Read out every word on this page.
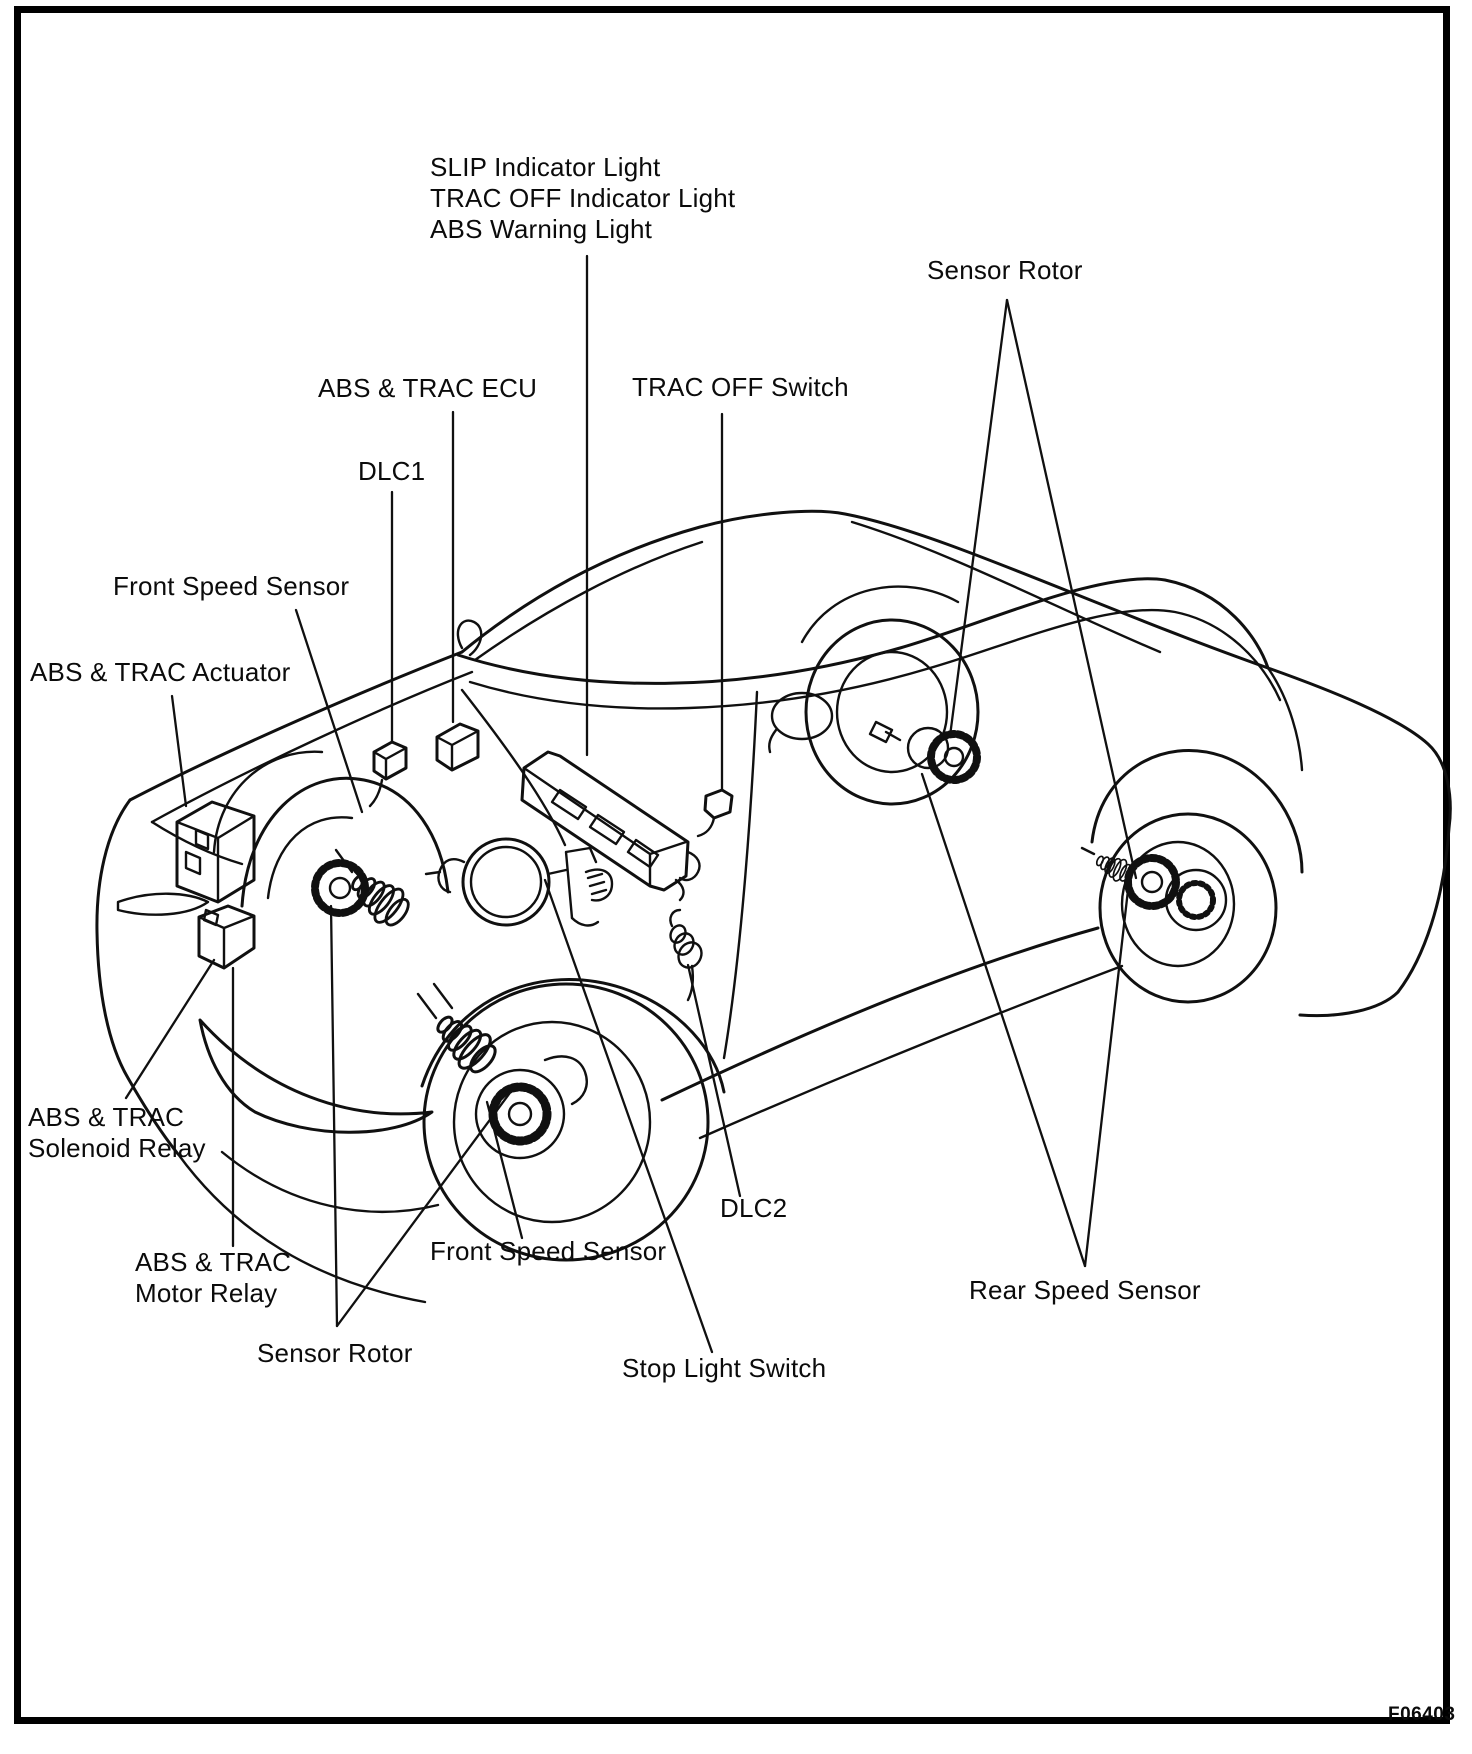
SLIP Indicator Light
TRAC OFF Indicator Light
ABS Warning Light
Sensor Rotor
ABS & TRAC ECU	TRAC OFF Switch
DLC1
Front Speed Sensor
ABS & TRAC Actuator
ABS & TRAC
Solenoid Relay
ABS & TRAC
Motor Relay
Sensor Rotor
Front Speed Sensor
Stop Light Switch
DLC2
Rear Speed Sensor
F06403
